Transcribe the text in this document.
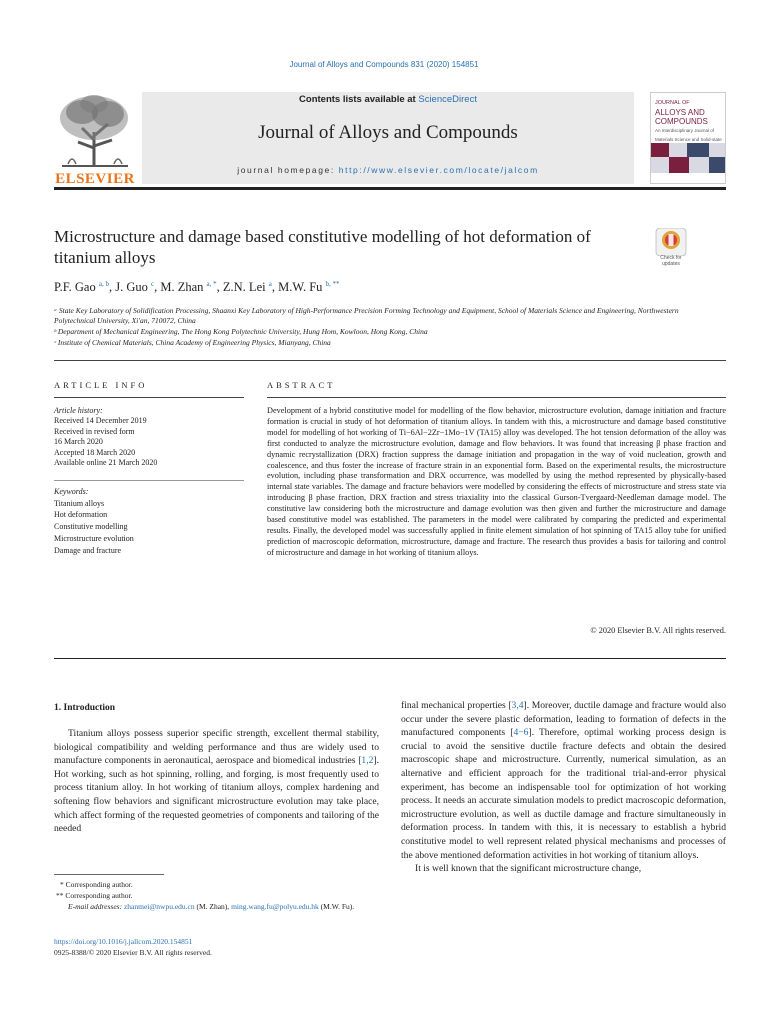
Journal of Alloys and Compounds 831 (2020) 154851
ELSEVIER
Contents lists available at ScienceDirect
Journal of Alloys and Compounds
journal homepage: http://www.elsevier.com/locate/jalcom
JOURNAL OF
ALLOYS AND
COMPOUNDS
An Interdisciplinary Journal of Materials Science and Solid-state
Microstructure and damage based constitutive modelling of hot deformation of titanium alloys	Check for updates
P.F. Gao $^{a, b}$, J. Guo $^c$, M. Zhan $^{a, *}$, Z.N. Lei $^a$, M.W. Fu $^{b, **}$
ᵃ State Key Laboratory of Solidification Processing, Shaanxi Key Laboratory of High-Performance Precision Forming Technology and Equipment, School of Materials Science and Engineering, Northwestern Polytechnical University, Xi'an, 710072, China
ᵇ Department of Mechanical Engineering, The Hong Kong Polytechnic University, Hung Hom, Kowloon, Hong Kong, China
ᶜ Institute of Chemical Materials, China Academy of Engineering Physics, Mianyang, China
ARTICLE INFO	ABSTRACT
Article history:
Received 14 December 2019
Received in revised form
16 March 2020
Accepted 18 March 2020
Available online 21 March 2020
Keywords:
Titanium alloys
Hot deformation
Constitutive modelling
Microstructure evolution
Damage and fracture
Development of a hybrid constitutive model for modelling of the flow behavior, microstructure evolution, damage initiation and fracture formation is crucial in study of hot deformation of titanium alloys. In tandem with this, a microstructure and damage based constitutive model for modelling of hot working of Ti−6Al−2Zr−1Mo−1V (TA15) alloy was developed. The hot tension deformation of the alloy was first conducted to analyze the microstructure evolution, damage and flow behaviors. It was found that increasing β phase fraction and dynamic recrystallization (DRX) fraction suppress the damage initiation and propagation in the way of void nucleation, growth and coalescence, and thus foster the increase of fracture strain in an exponential form. Based on the experimental results, the microstructure evolution, including phase transformation and DRX occurrence, was modelled by using the method represented by physically-based internal state variables. The damage and fracture behaviors were modelled by considering the effects of microstructure and stress state via introducing β phase fraction, DRX fraction and stress triaxiality into the classical Gurson-Tvergaard-Needleman damage model. The constitutive law considering both the microstructure and damage evolution was then given and further the microstructure and damage based constitutive model was established. The parameters in the model were calibrated by comparing the predicted and experimental results. Finally, the developed model was successfully applied in finite element simulation of hot spinning of TA15 alloy tube for unified prediction of macroscopic deformation, microstructure, damage and fracture. The research thus provides a basis for tailoring and control of microstructure and damage in hot working of titanium alloys.
© 2020 Elsevier B.V. All rights reserved.
1. Introduction

Titanium alloys possess superior specific strength, excellent thermal stability, biological compatibility and welding performance and thus are widely used to manufacture components in aeronautical, aerospace and biomedical industries [1,2]. Hot working, such as hot spinning, rolling, and forging, is most frequently used to process titanium alloy. In hot working of titanium alloys, complex hardening and softening flow behaviors and significant microstructure evolution may take place, which affect forming of the requested geometries of components and tailoring of the needed

final mechanical properties [3,4]. Moreover, ductile damage and fracture would also occur under the severe plastic deformation, leading to formation of defects in the manufactured components [4−6]. Therefore, optimal working process design is crucial to avoid the sensitive ductile fracture defects and obtain the desired macroscopic shape and microstructure. Currently, numerical simulation, as an alternative and efficient approach for the traditional trial-and-error physical experiment, has become an indispensable tool for optimization of hot working process. It needs an accurate simulation models to predict macroscopic deformation, microstructure evolution, as well as ductile damage and fracture simultaneously in deformation process. In tandem with this, it is necessary to establish a hybrid constitutive model to well represent related physical mechanisms and processes of the above mentioned deformation activities in hot working of titanium alloys.

It is well known that the significant microstructure change,

* Corresponding author.
** Corresponding author.
E-mail addresses: zhanmei@nwpu.edu.cn (M. Zhan), ming.wang.fu@polyu.edu.hk (M.W. Fu).
https://doi.org/10.1016/j.jallcom.2020.154851
0925-8388/© 2020 Elsevier B.V. All rights reserved.
